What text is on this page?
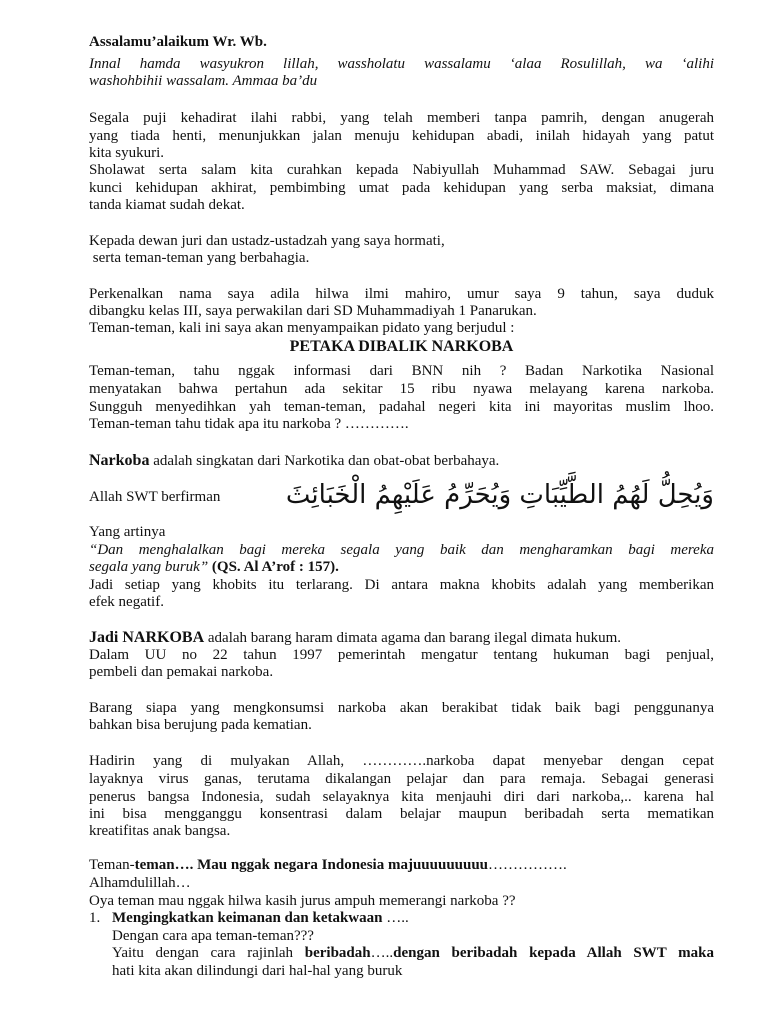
Assalamu’alaikum Wr. Wb.
Innal hamda wasyukron lillah, wassholatu wassalamu ‘alaa Rosulillah, wa ‘alihi
washohbihii wassalam. Ammaa ba’du
Segala puji kehadirat ilahi rabbi, yang telah memberi tanpa pamrih, dengan anugerah
yang tiada henti, menunjukkan jalan menuju kehidupan abadi, inilah hidayah yang patut
kita syukuri.
Sholawat serta salam kita curahkan kepada Nabiyullah Muhammad SAW. Sebagai juru
kunci kehidupan akhirat, pembimbing umat pada kehidupan yang serba maksiat, dimana
tanda kiamat sudah dekat.
Kepada dewan juri dan ustadz-ustadzah yang saya hormati,
serta teman-teman yang berbahagia.
Perkenalkan nama saya adila hilwa ilmi mahiro, umur saya 9 tahun, saya duduk
dibangku kelas III, saya perwakilan dari SD Muhammadiyah 1 Panarukan.
Teman-teman, kali ini saya akan menyampaikan pidato yang berjudul :
PETAKA DIBALIK NARKOBA
Teman-teman, tahu nggak informasi dari BNN nih ? Badan Narkotika Nasional
menyatakan bahwa pertahun ada sekitar 15 ribu nyawa melayang karena narkoba.
Sungguh menyedihkan yah teman-teman, padahal negeri kita ini mayoritas muslim lhoo.
Teman-teman tahu tidak apa itu narkoba ? ………….
Narkoba adalah singkatan dari Narkotika dan obat-obat berbahaya.
Allah SWT berfirman	وَيُحِلُّ لَهُمُ الطَّيِّبَاتِ وَيُحَرِّمُ عَلَيْهِمُ الْخَبَائِثَ
Yang artinya
“Dan menghalalkan bagi mereka segala yang baik dan mengharamkan bagi mereka
segala yang buruk” (QS. Al A’rof : 157).
Jadi setiap yang khobits itu terlarang. Di antara makna khobits adalah yang memberikan
efek negatif.
Jadi NARKOBA adalah barang haram dimata agama dan barang ilegal dimata hukum.
Dalam UU no 22 tahun 1997 pemerintah mengatur tentang hukuman bagi penjual,
pembeli dan pemakai narkoba.
Barang siapa yang mengkonsumsi narkoba akan berakibat tidak baik bagi penggunanya
bahkan bisa berujung pada kematian.
Hadirin yang di mulyakan Allah, ………….narkoba dapat menyebar dengan cepat
layaknya virus ganas, terutama dikalangan pelajar dan para remaja. Sebagai generasi
penerus bangsa Indonesia, sudah selayaknya kita menjauhi diri dari narkoba,.. karena hal
ini bisa mengganggu konsentrasi dalam belajar maupun beribadah serta mematikan
kreatifitas anak bangsa.
Teman-teman…. Mau nggak negara Indonesia majuuuuuuuuu…………….
Alhamdulillah…
Oya teman mau nggak hilwa kasih jurus ampuh memerangi narkoba ??
1. Mengingkatkan keimanan dan ketakwaan …..
Dengan cara apa teman-teman???
Yaitu dengan cara rajinlah beribadah…..dengan beribadah kepada Allah SWT maka
hati kita akan dilindungi dari hal-hal yang buruk
